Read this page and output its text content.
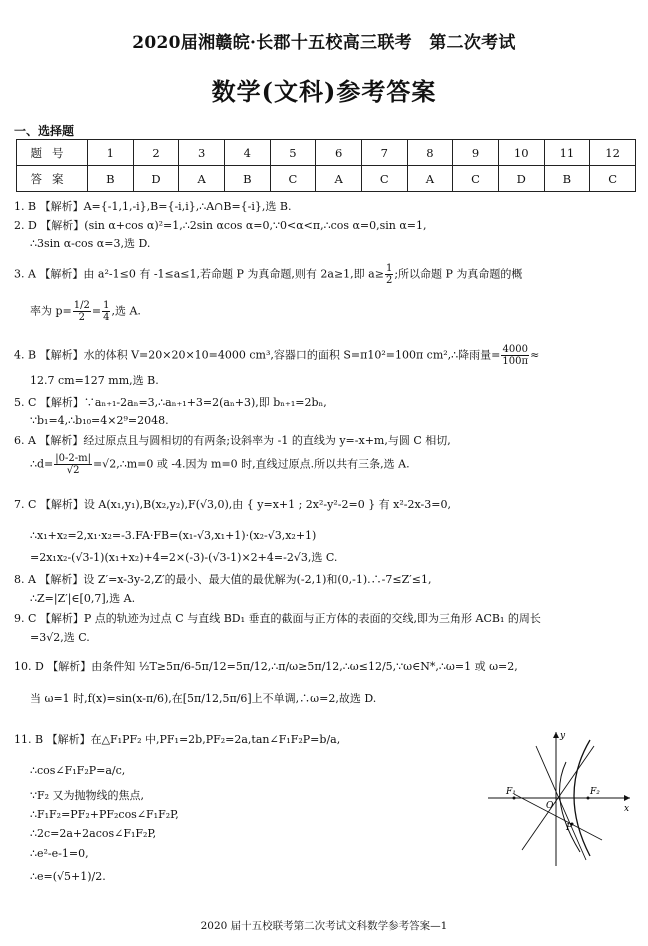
2020届湘赣皖·长郡十五校高三联考　第二次考试
数学(文科)参考答案
一、选择题
题号	1	2	3	4	5	6	7	8	9	10	11	12
答案	B	D	A	B	C	A	C	A	C	D	B	C
1. B 【解析】A={-1,1,-i},B={-i,i},∴A∩B={-i},选 B.
2. D 【解析】(sin α+cos α)²=1,∴2sin αcos α=0,∵0<α<π,∴cos α=0,sin α=1,
∴3sin α-cos α=3,选 D.
3. A 【解析】由 a²-1≤0 有 -1≤a≤1,若命题 P 为真命题,则有 2a≥1,即 $a\ge \frac{1}{2}$ ;所以命题 P 为真命题的概
率为 $p= \frac{1/2}{2} = \frac{1}{4}$ ,选 A.
4. B 【解析】水的体积 V=20×20×10=4000 cm³,容器口的面积 S=π10²=100π cm²,∴降雨量= $\frac{4000}{100\pi}$ ≈
12.7 cm=127 mm,选 B.
5. C 【解析】∵aₙ₊₁-2aₙ=3,∴aₙ₊₁+3=2(aₙ+3),即 bₙ₊₁=2bₙ,
∵b₁=4,∴b₁₀=4×2⁹=2048.
6. A 【解析】经过原点且与圆相切的有两条;设斜率为 -1 的直线为 y=-x+m,与圆 C 相切,
∴d= $\frac{|0-2-m|}{√2}$ =√2,∴m=0 或 -4.因为 m=0 时,直线过原点.所以共有三条,选 A.
7. C 【解析】设 A(x₁,y₁),B(x₂,y₂),F(√3,0),由 { y=x+1 ; 2x²-y²-2=0 } 有 x²-2x-3=0,
∴x₁+x₂=2,x₁·x₂=-3.FA·FB=(x₁-√3,x₁+1)·(x₂-√3,x₂+1)
=2x₁x₂-(√3-1)(x₁+x₂)+4=2×(-3)-(√3-1)×2+4=-2√3,选 C.
8. A 【解析】设 Z′=x-3y-2,Z′的最小、最大值的最优解为(-2,1)和(0,-1).∴-7≤Z′≤1,
∴Z=|Z′|∈[0,7],选 A.
9. C 【解析】P 点的轨迹为过点 C 与直线 BD₁ 垂直的截面与正方体的表面的交线,即为三角形 ACB₁ 的周长
=3√2,选 C.
10. D 【解析】由条件知 ½T≥5π/6-5π/12=5π/12,∴π/ω≥5π/12,∴ω≤12/5,∵ω∈N*,∴ω=1 或 ω=2,
当 ω=1 时,f(x)=sin(x-π/6),在[5π/12,5π/6]上不单调,∴ω=2,故选 D.
11. B 【解析】在△F₁PF₂ 中,PF₁=2b,PF₂=2a,tan∠F₁F₂P=b/a,
∴cos∠F₁F₂P=a/c,
∵F₂ 又为抛物线的焦点,
∴F₁F₂=PF₂+PF₂cos∠F₁F₂P,
∴2c=2a+2acos∠F₁F₂P,
∴e²-e-1=0,
∴e=(√5+1)/2.
y
x
F₁	F₂
O
P
2020 届十五校联考第二次考试文科数学参考答案—1
